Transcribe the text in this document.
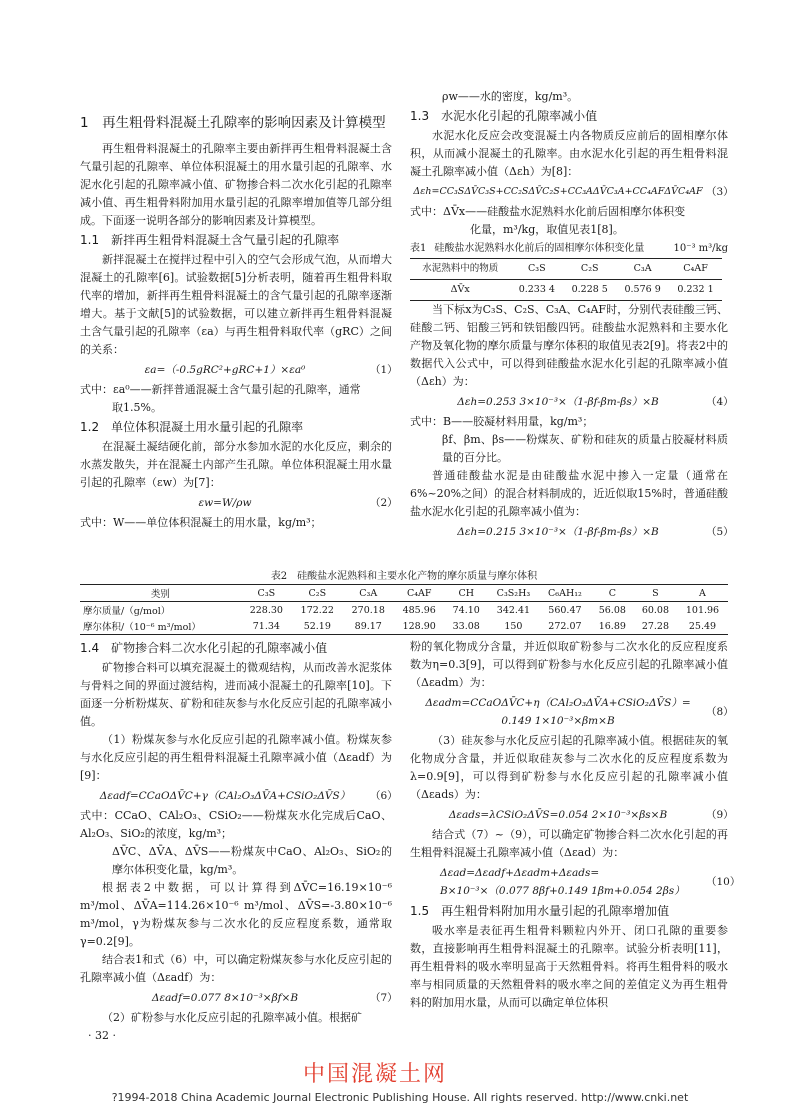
1　再生粗骨料混凝土孔隙率的影响因素及计算模型

再生粗骨料混凝土的孔隙率主要由新拌再生粗骨料混凝土含气量引起的孔隙率、单位体积混凝土的用水量引起的孔隙率、水泥水化引起的孔隙率减小值、矿物掺合料二次水化引起的孔隙率减小值、再生粗骨料附加用水量引起的孔隙率增加值等几部分组成。下面逐一说明各部分的影响因素及计算模型。

1.1　新拌再生粗骨料混凝土含气量引起的孔隙率

新拌混凝土在搅拌过程中引入的空气会形成气泡，从而增大混凝土的孔隙率[6]。试验数据[5]分析表明，随着再生粗骨料取代率的增加，新拌再生粗骨料混凝土的含气量引起的孔隙率逐渐增大。基于文献[5]的试验数据，可以建立新拌再生粗骨料混凝土含气量引起的孔隙率（εa）与再生粗骨料取代率（gRC）之间的关系：

εa=（-0.5gRC²+gRC+1）×εa⁰	（1）

式中：εa⁰——新拌普通混凝土含气量引起的孔隙率，通常
取1.5%。

1.2　单位体积混凝土用水量引起的孔隙率

在混凝土凝结硬化前，部分水参加水泥的水化反应，剩余的水蒸发散失，并在混凝土内部产生孔隙。单位体积混凝土用水量引起的孔隙率（εw）为[7]：

εw=W/ρw	（2）

式中：W——单位体积混凝土的用水量，kg/m³；

ρw——水的密度，kg/m³。

1.3　水泥水化引起的孔隙率减小值

水泥水化反应会改变混凝土内各物质反应前后的固相摩尔体积，从而减小混凝土的孔隙率。由水泥水化引起的再生粗骨料混凝土孔隙率减小值（Δεh）为[8]：

Δεh=CC₃SΔV̄C₃S+CC₂SΔV̄C₂S+CC₃AΔV̄C₃A+CC₄AFΔV̄C₄AF （3）

式中：ΔV̄x——硅酸盐水泥熟料水化前后固相摩尔体积变
化量，m³/kg，取值见表1[8]。

表1 硅酸盐水泥熟料水化前后的固相摩尔体积变化量	10⁻³ m³/kg
水泥熟料中的物质	C₃S	C₂S	C₃A	C₄AF
ΔV̄x	0.233 4	0.228 5	0.576 9	0.232 1

当下标x为C₃S、C₂S、C₃A、C₄AF时，分别代表硅酸三钙、硅酸二钙、铝酸三钙和铁铝酸四钙。硅酸盐水泥熟料和主要水化产物及氧化物的摩尔质量与摩尔体积的取值见表2[9]。将表2中的数据代入公式中，可以得到硅酸盐水泥水化引起的孔隙率减小值（Δεh）为：

Δεh=0.253 3×10⁻³×（1-βf-βm-βs）×B	（4）

式中：B——胶凝材料用量，kg/m³；
βf、βm、βs——粉煤灰、矿粉和硅灰的质量占胶凝材料质量的百分比。

普通硅酸盐水泥是由硅酸盐水泥中掺入一定量（通常在6%~20%之间）的混合材料制成的，近近似取15%时，普通硅酸盐水泥水化引起的孔隙率减小值为：

Δεh=0.215 3×10⁻³×（1-βf-βm-βs）×B	（5）
表2　硅酸盐水泥熟料和主要水化产物的摩尔质量与摩尔体积
类别	C₃S	C₂S	C₃A	C₄AF	CH	C₃S₂H₃	C₆AH₁₂	C	S	A
摩尔质量/（g/mol）	228.30	172.22	270.18	485.96	74.10	342.41	560.47	56.08	60.08	101.96
摩尔体积/（10⁻⁶ m³/mol）	71.34	52.19	89.17	128.90	33.08	150	272.07	16.89	27.28	25.49
1.4　矿物掺合料二次水化引起的孔隙率减小值

矿物掺合料可以填充混凝土的微观结构，从而改善水泥浆体与骨料之间的界面过渡结构，进而减小混凝土的孔隙率[10]。下面逐一分析粉煤灰、矿粉和硅灰参与水化反应引起的孔隙率减小值。

（1）粉煤灰参与水化反应引起的孔隙率减小值。粉煤灰参与水化反应引起的再生粗骨料混凝土孔隙率减小值（Δεadf）为[9]：

Δεadf=CCaOΔV̄C+γ（CAl₂O₃ΔV̄A+CSiO₂ΔV̄S）	（6）

式中：CCaO、CAl₂O₃、CSiO₂——粉煤灰水化完成后CaO、Al₂O₃、SiO₂的浓度，kg/m³；
ΔV̄C、ΔV̄A、ΔV̄S——粉煤灰中CaO、Al₂O₃、SiO₂的摩尔体积变化量，kg/m³。

根据表2中数据，可以计算得到ΔV̄C=16.19×10⁻⁶ m³/mol、ΔV̄A=114.26×10⁻⁶ m³/mol、ΔV̄S=-3.80×10⁻⁶ m³/mol，γ为粉煤灰参与二次水化的反应程度系数，通常取γ=0.2[9]。

结合表1和式（6）中，可以确定粉煤灰参与水化反应引起的孔隙率减小值（Δεadf）为：

Δεadf=0.077 8×10⁻³×βf×B	（7）

（2）矿粉参与水化反应引起的孔隙率减小值。根据矿

粉的氧化物成分含量，并近似取矿粉参与二次水化的反应程度系数为η=0.3[9]，可以得到矿粉参与水化反应引起的孔隙率减小值（Δεadm）为：

Δεadm=CCaOΔV̄C+η（CAl₂O₃ΔV̄A+CSiO₂ΔV̄S）=
0.149 1×10⁻³×βm×B
（8）

（3）硅灰参与水化反应引起的孔隙率减小值。根据硅灰的氧化物成分含量，并近似取硅灰参与二次水化的反应程度系数为λ=0.9[9]，可以得到矿粉参与水化反应引起的孔隙率减小值（Δεads）为：

Δεads=λCSiO₂ΔV̄S=0.054 2×10⁻³×βs×B	（9）

结合式（7）~（9），可以确定矿物掺合料二次水化引起的再生粗骨料混凝土孔隙率减小值（Δεad）为：

Δεad=Δεadf+Δεadm+Δεads=
B×10⁻³×（0.077 8βf+0.149 1βm+0.054 2βs）
（10）
1.5　再生粗骨料附加用水量引起的孔隙率增加值

吸水率是表征再生粗骨料颗粒内外开、闭口孔隙的重要参数，直接影响再生粗骨料混凝土的孔隙率。试验分析表明[11]，再生粗骨料的吸水率明显高于天然粗骨料。将再生粗骨料的吸水率与相同质量的天然粗骨料的吸水率之间的差值定义为再生粗骨料的附加用水量，从而可以确定单位体积

· 32 ·
中国混凝土网
?1994-2018 China Academic Journal Electronic Publishing House. All rights reserved. http://www.cnki.net
